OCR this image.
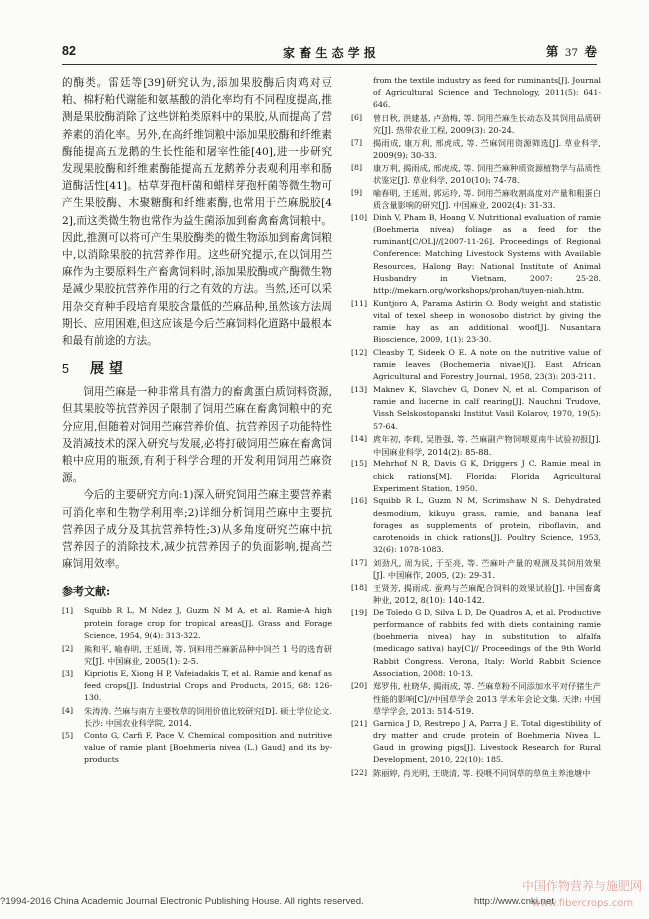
82	家 畜 生 态 学 报	第 37 卷

的酶类。雷廷等[39]研究认为,添加果胶酶后肉鸡对豆粕、棉籽粕代谢能和氨基酸的消化率均有不同程度提高,推测是果胶酶消除了这些饼粕类原料中的果胶,从而提高了营养素的消化率。另外,在高纤维饲粮中添加果胶酶和纤维素酶能提高五龙鹅的生长性能和屠宰性能[40],进一步研究发现果胶酶和纤维素酶能提高五龙鹅养分表观利用率和肠道酶活性[41]。枯草芽孢杆菌和蜡样芽孢杆菌等微生物可产生果胶酶、木聚糖酶和纤维素酶,也常用于苎麻脱胶[42],而这类微生物也常作为益生菌添加到畜禽畜禽饲粮中。因此,推测可以将可产生果胶酶类的微生物添加到畜禽饲粮中,以消除果胶的抗营养作用。这些研究提示,在以饲用苎麻作为主要原料生产畜禽饲料时,添加果胶酶或产酶微生物是减少果胶抗营养作用的行之有效的方法。当然,还可以采用杂交育种手段培育果胶含量低的苎麻品种,虽然该方法周期长、应用困难,但这应该是今后苎麻饲料化道路中最根本和最有前途的方法。

5	展 望

饲用苎麻是一种非常具有潜力的畜禽蛋白质饲料资源,但其果胶等抗营养因子限制了饲用苎麻在畜禽饲粮中的充分应用,但随着对饲用苎麻营养价值、抗营养因子功能特性及消减技术的深入研究与发展,必将打破饲用苎麻在畜禽饲粮中应用的瓶颈,有利于科学合理的开发利用饲用苎麻资源。

今后的主要研究方向:1)深入研究饲用苎麻主要营养素可消化率和生物学利用率;2)详细分析饲用苎麻中主要抗营养因子成分及其抗营养特性;3)从多角度研究苎麻中抗营养因子的消除技术,减少抗营养因子的负面影响,提高苎麻饲用效率。

参考文献:
[1]	Squibb R L, M Ndez J, Guzm N M A, et al. Ramie-A high protein forage crop for tropical areas[J]. Grass and Forage Science, 1954, 9(4): 313-322.
[2]	熊和平, 喻春明, 王延周, 等. 饲料用苎麻新品种中饲苎 1 号的选育研究[J]. 中国麻业, 2005(1): 2-5.
[3]	Kipriotis E, Xiong H P, Vafeiadakis T, et al. Ramie and kenaf as feed crops[J]. Industrial Crops and Products, 2015, 68: 126-130.
[4]	朱涛涛. 苎麻与南方主要牧草的饲用价值比较研究[D]. 硕士学位论文. 长沙: 中国农业科学院, 2014.
[5]	Conto G, Carfi F, Pace V. Chemical composition and nutritive value of ramie plant [Boehmeria nivea (L.) Gaud] and its by-products
from the textile industry as feed for ruminants[J]. Journal of Agricultural Science and Technology, 2011(5): 641-646.
[6]	曾日秋, 洪建基, 卢劲梅, 等. 饲用苎麻生长动态及其饲用品质研究[J]. 热带农业工程, 2009(3): 20-24.
[7]	揭雨成, 康万利, 邢虎成, 等. 苎麻饲用资源筛选[J]. 草业科学, 2009(9): 30-33.
[8]	康万利, 揭雨成, 邢虎成, 等. 饲用苎麻种质资源植物学与品质性状鉴定[J]. 草业科学, 2010(10): 74-78.
[9]	喻春明, 王延周, 郭运玲, 等. 饲用苎麻收割高度对产量和粗蛋白质含量影响的研究[J]. 中国麻业, 2002(4): 31-33.
[10] Dinh V, Pham B, Hoang V. Nutritional evaluation of ramie (Boehmeria nivea) foliage as a feed for the ruminant[C/OL]//[2007-11-26]. Proceedings of Regional Conference: Matching Livestock Systems with Available Resources, Halong Bay: National Institute of Animal Husbandry in Vietnam, 2007: 25-28. http://mekarn.org/workshops/prohan/tuyen-niah.htm.
[11] Kuntjoro A, Parama Astirin O. Body weight and statistic vital of texel sheep in wonosobo district by giving the ramie hay as an additional woof[J]. Nusantara Bioscience, 2009, 1(1): 23-30.
[12] Cleasby T, Sideek O E. A note on the nutritive value of ramie leaves (Bochemeria nivae)[J]. East African Agricultural and Forestry Journal, 1958, 23(3): 203-211.
[13] Maknev K, Slavchev G, Donev N, et al. Comparison of ramie and lucerne in calf rearing[J]. Nauchni Trudove, Vissh Selskostopanski Institut Vasil Kolarov, 1970, 19(5): 57-64.
[14] 庹年初, 李莉, 吴胜强, 等. 苎麻副产物饲喂夏南牛试验初报[J]. 中国麻业科学, 2014(2): 85-88.
[15] Mehrhof N R, Davis G K, Driggers J C. Ramie meal in chick rations[M]. Florida: Florida Agricultural Experiment Station, 1950.
[16] Squibb R L, Guzm N M, Scrimshaw N S. Dehydrated desmodium, kikuyu grass, ramie, and banana leaf forages as supplements of protein, riboflavin, and carotenoids in chick rations[J]. Poultry Science, 1953, 32(6): 1078-1083.
[17] 刘劲凡, 周为民, 于至亮, 等. 苎麻叶产量的观测及其饲用效果[J]. 中国麻作, 2005, (2): 29-31.
[18] 王贤芳, 揭雨成. 蚕鸡与苎麻配合饲料的效果试验[J]. 中国畜禽种业, 2012, 8(10): 140-142.
[19] De Toledo G D, Silva L D, De Quadros A, et al. Productive performance of rabbits fed with diets containing ramie (boehmeria nivea) hay in substitution to alfalfa (medicago sativa) hay[C]// Proceedings of the 9th World Rabbit Congress. Verona, Italy: World Rabbit Science Association, 2008: 10-13.
[20] 郑罗伟, 杜晓华, 揭雨成, 等. 苎麻草粉不同添加水平对仔猪生产性能的影响[C]//中国草学会 2013 学术年会论文集. 天津: 中国草学学会, 2013: 514-519.
[21] Garnica J D, Restrepo J A, Parra J E. Total digestibility of dry matter and crude protein of Boehmeria Nivea L. Gaud in growing pigs[J]. Livestock Research for Rural Development, 2010, 22(10): 185.
[22] 陈丽婷, 肖光明, 王晓清, 等. 投喂不同饲草的草鱼主养池塘中
?1994-2016 China Academic Journal Electronic Publishing House. All rights reserved.	http://www.cnki.net
中国作物营养与施肥网
www.fibercrops.com
